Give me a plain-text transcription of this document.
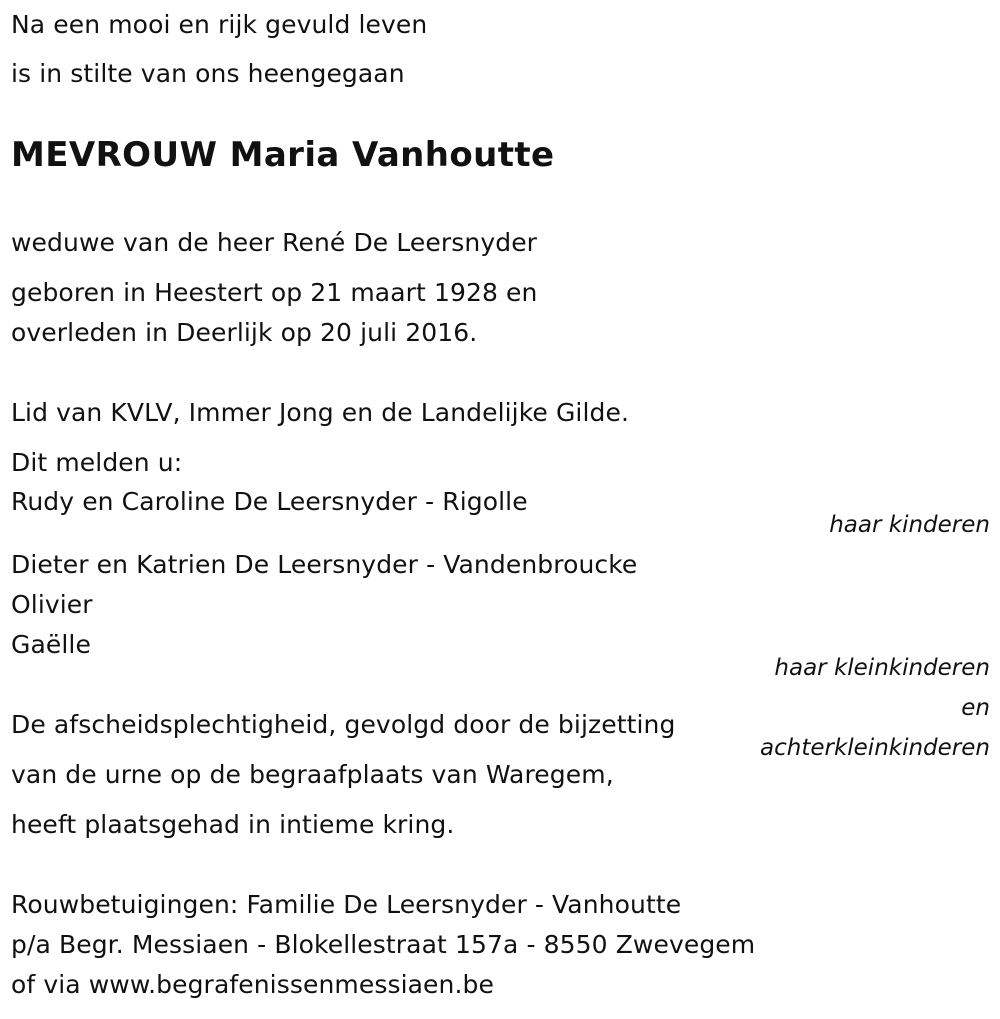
Na een mooi en rijk gevuld leven

is in stilte van ons heengegaan

MEVROUW Maria Vanhoutte

weduwe van de heer René De Leersnyder

geboren in Heestert op 21 maart 1928 en

overleden in Deerlijk op 20 juli 2016.

Lid van KVLV, Immer Jong en de Landelijke Gilde.

Dit melden u:

Rudy en Caroline De Leersnyder - Rigolle

haar kinderen

Dieter en Katrien De Leersnyder - Vandenbroucke

Olivier

Gaëlle

haar kleinkinderen

en

achterkleinkinderen

De afscheidsplechtigheid, gevolgd door de bijzetting

van de urne op de begraafplaats van Waregem,

heeft plaatsgehad in intieme kring.

Rouwbetuigingen: Familie De Leersnyder - Vanhoutte

p/a Begr. Messiaen - Blokellestraat 157a - 8550 Zwevegem

of via www.begrafenissenmessiaen.be
